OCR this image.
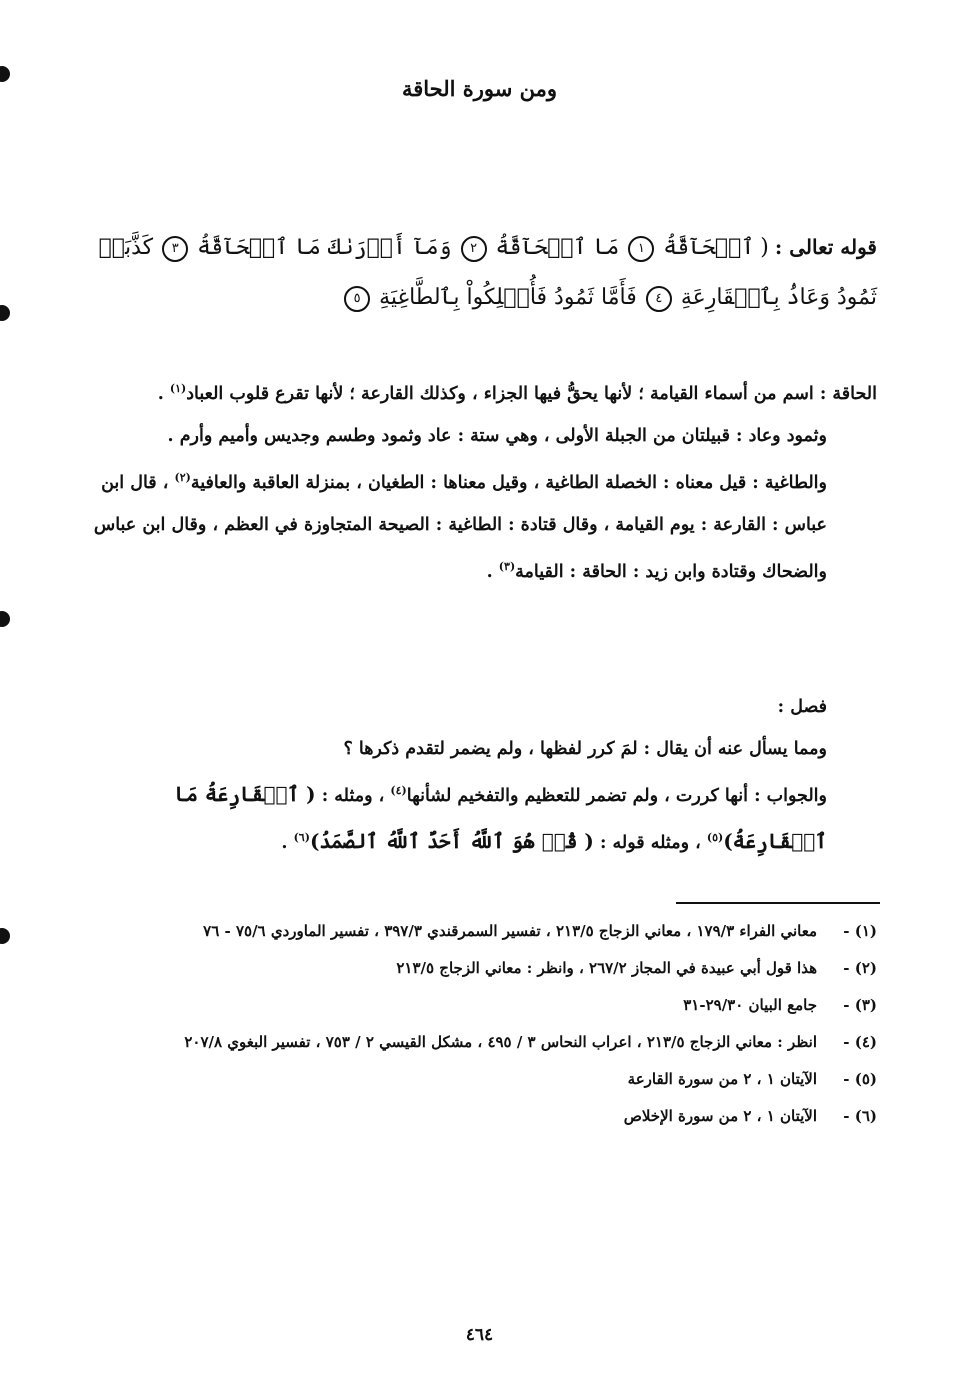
ومن سورة الحاقة
قوله تعالى : ( ٱلۡحَآقَّةُ ١ مَا ٱلۡحَآقَّةُ ٢ وَمَآ أَدۡرَىٰكَ مَا ٱلۡحَآقَّةُ ٣ كَذَّبَتۡ ثَمُودُ وَعَادُۢ بِٱلۡقَارِعَةِ ٤ فَأَمَّا ثَمُودُ فَأُهۡلِكُواْ بِٱلطَّاغِيَةِ ٥

الحاقة : اسم من أسماء القيامة ؛ لأنها يحقُّ فيها الجزاء ، وكذلك القارعة ؛ لأنها تقرع قلوب العباد$^{(١)}$ .

وثمود وعاد : قبيلتان من الجبلة الأولى ، وهي ستة : عاد وثمود وطسم وجديس وأميم وأرم .

والطاغية : قيل معناه : الخصلة الطاغية ، وقيل معناها : الطغيان ، بمنزلة العاقبة والعافية$^{(٢)}$ ، قال ابن عباس : القارعة : يوم القيامة ، وقال قتادة : الطاغية : الصيحة المتجاوزة في العظم ، وقال ابن عباس والضحاك وقتادة وابن زيد : الحاقة : القيامة$^{(٣)}$ .

فصل :

ومما يسأل عنه أن يقال : لمَ كرر لفظها ، ولم يضمر لتقدم ذكرها ؟

والجواب : أنها كررت ، ولم تضمر للتعظيم والتفخيم لشأنها$^{(٤)}$ ، ومثله : ( ٱلۡقَارِعَةُ مَا ٱلۡقَارِعَةُ)$^{(٥)}$ ، ومثله قوله : ( قُلۡ هُوَ ٱللَّهُ أَحَدٌ ٱللَّهُ ٱلصَّمَدُ)$^{(٦)}$ .

(١) -
معاني الفراء ١٧٩/٣ ، معاني الزجاج ٢١٣/٥ ، تفسير السمرقندي ٣٩٧/٣ ، تفسير الماوردي ٧٥/٦ - ٧٦
(٢) -
هذا قول أبي عبيدة في المجاز ٢٦٧/٢ ، وانظر : معاني الزجاج ٢١٣/٥
(٣) -
جامع البيان ٢٩/٣٠-٣١
(٤) -
انظر : معاني الزجاج ٢١٣/٥ ، اعراب النحاس ٣ / ٤٩٥ ، مشكل القيسي ٢ / ٧٥٣ ، تفسير البغوي ٢٠٧/٨
(٥) -
الآيتان ١ ، ٢ من سورة القارعة
(٦) -
الآيتان ١ ، ٢ من سورة الإخلاص
٤٦٤
